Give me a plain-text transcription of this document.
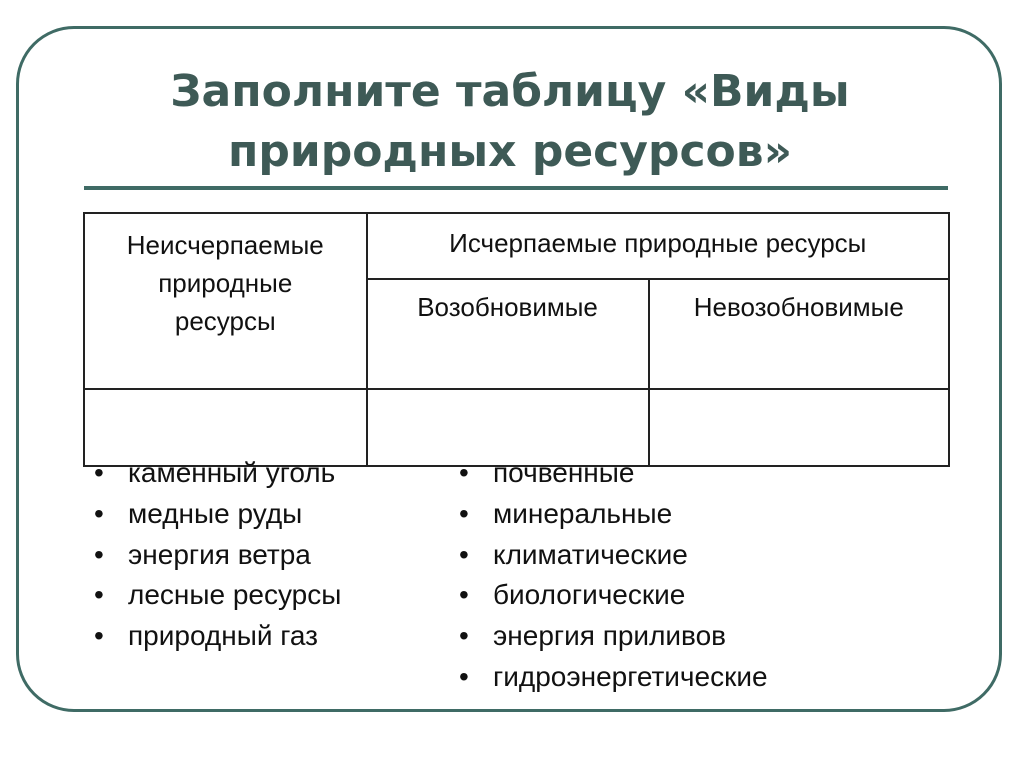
Заполните таблицу «Виды
природных ресурсов»
Неисчерпаемые
природные
ресурсы	Исчерпаемые природные ресурсы	
	Возобновимые	Невозобновимые

• каменный уголь
• медные руды
• энергия ветра
• лесные ресурсы
• природный газ
• почвенные
• минеральные
• климатические
• биологические
• энергия приливов
• гидроэнергетические
